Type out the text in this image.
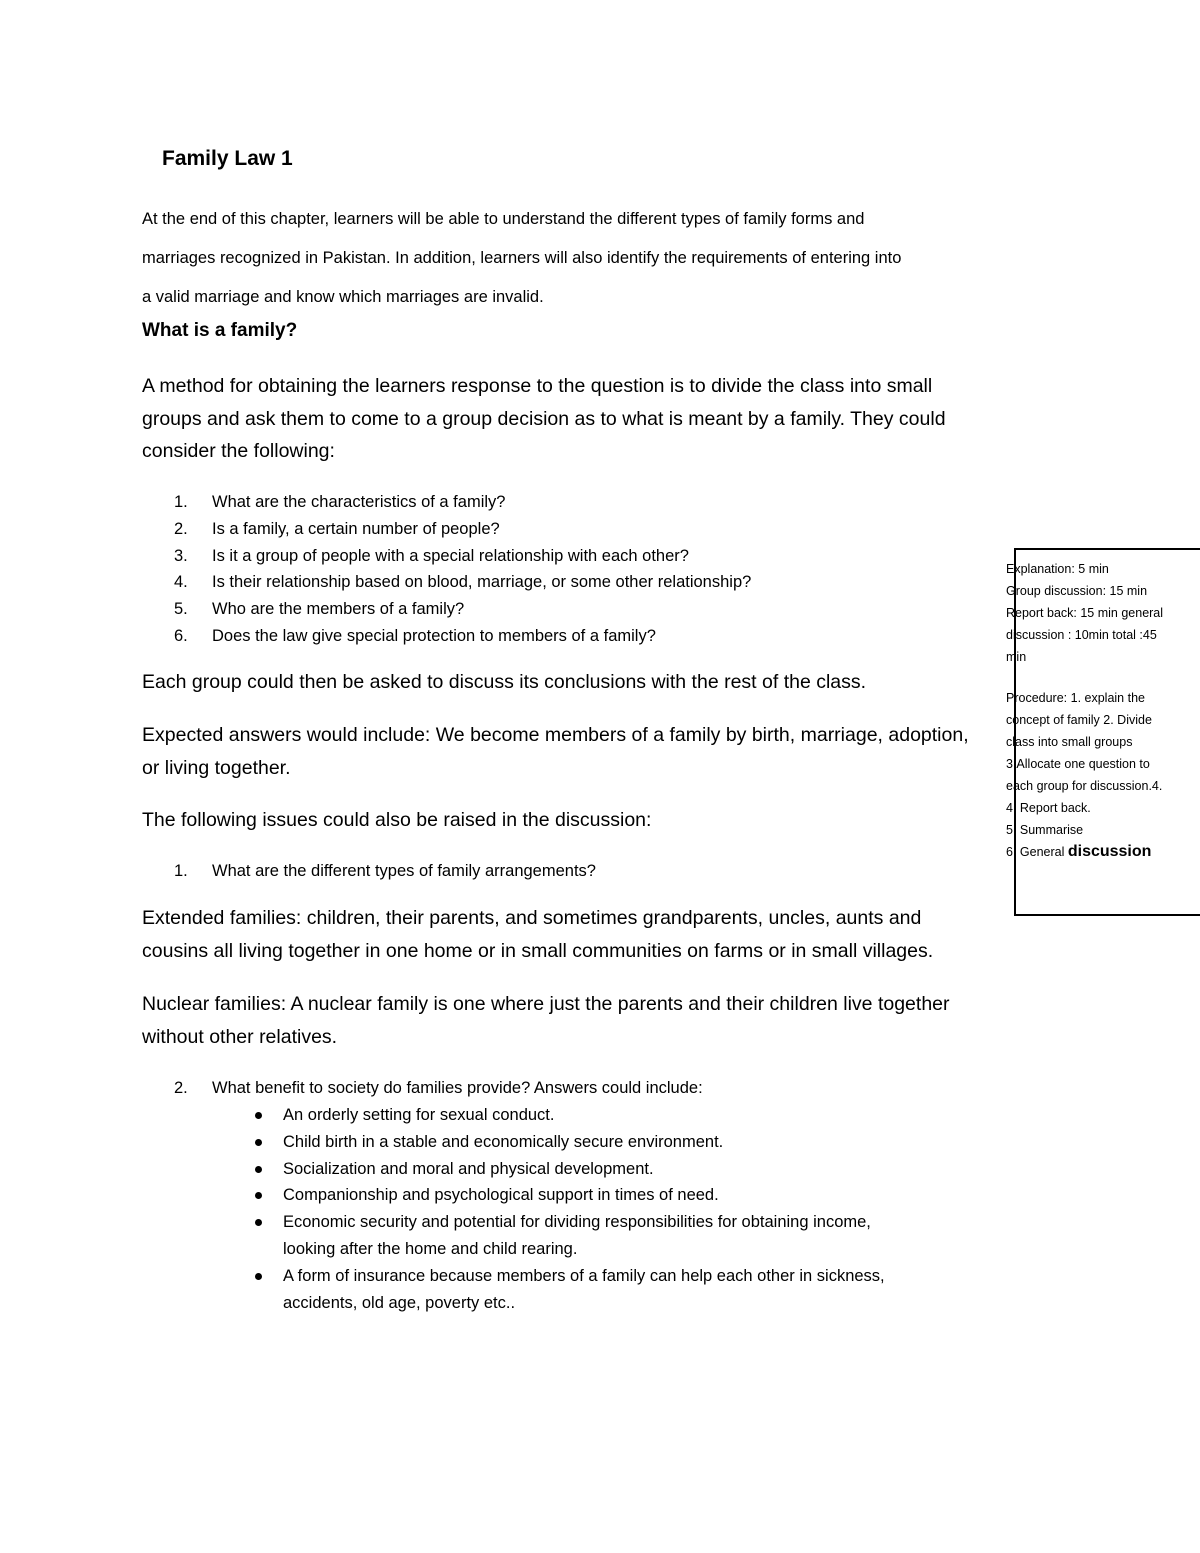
Family Law 1
At the end of this chapter, learners will be able to understand the different types of family forms and
marriages recognized in Pakistan. In addition, learners will also identify the requirements of entering into
a valid marriage and know which marriages are invalid.
What is a family?
A method for obtaining the learners response to the question is to divide the class into small
groups and ask them to come to a group decision as to what is meant by a family. They could
consider the following:
1. What are the characteristics of a family?
2. Is a family, a certain number of people?
3. Is it a group of people with a special relationship with each other?
4. Is their relationship based on blood, marriage, or some other relationship?
5. Who are the members of a family?
6. Does the law give special protection to members of a family?
Each group could then be asked to discuss its conclusions with the rest of the class.
Expected answers would include: We become members of a family by birth, marriage, adoption,
or living together.
The following issues could also be raised in the discussion:
1. What are the different types of family arrangements?
Extended families: children, their parents, and sometimes grandparents, uncles, aunts and
cousins all living together in one home or in small communities on farms or in small villages.
Nuclear families: A nuclear family is one where just the parents and their children live together
without other relatives.
2. What benefit to society do families provide? Answers could include:
An orderly setting for sexual conduct.
Child birth in a stable and economically secure environment.
Socialization and moral and physical development.
Companionship and psychological support in times of need.
Economic security and potential for dividing responsibilities for obtaining income,
looking after the home and child rearing.
A form of insurance because members of a family can help each other in sickness,
accidents, old age, poverty etc..
Explanation: 5 min
Group discussion: 15 min
Report back: 15 min general
discussion : 10min total :45
min
Procedure: 1. explain the
concept of family 2. Divide
class into small groups
3.Allocate one question to
each group for discussion.4.
4. Report back.
5. Summarise
6. General discussion
